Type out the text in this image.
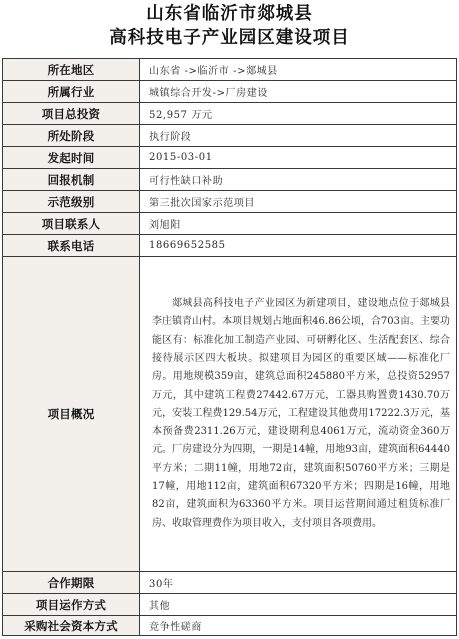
山东省临沂市郯城县
高科技电子产业园区建设项目
所在地区	山东省 ->临沂市 ->郯城县
所属行业	城镇综合开发->厂房建设
项目总投资	52,957 万元
所处阶段	执行阶段
发起时间	2015-03-01
回报机制	可行性缺口补助
示范级别	第三批次国家示范项目
项目联系人	刘旭阳
联系电话	18669652585
项目概况	郯城县高科技电子产业园区为新建项目，建设地点位于郯城县李庄镇青山村。本项目规划占地面积46.86公顷，合703亩。主要功能区有：标准化加工制造产业园、可研孵化区、生活配套区、综合接待展示区四大板块。拟建项目为园区的重要区域——标准化厂房。用地规模359亩，建筑总面积245880平方米，总投资52957万元，其中建筑工程费27442.67万元，工器具购置费1430.70万元，安装工程费129.54万元，工程建设其他费用17222.3万元，基本预备费2311.26万元，建设期利息4061万元，流动资金360万元。厂房建设分为四期，一期是14幢，用地93亩，建筑面积64440平方米；二期11幢，用地72亩，建筑面积50760平方米；三期是17幢，用地112亩，建筑面积67320平方米；四期是16幢，用地82亩，建筑面积为63360平方米。项目运营期间通过租赁标准厂房、收取管理费作为项目收入，支付项目各项费用。

合作期限	30年
项目运作方式	其他
采购社会资本方式	竞争性磋商
